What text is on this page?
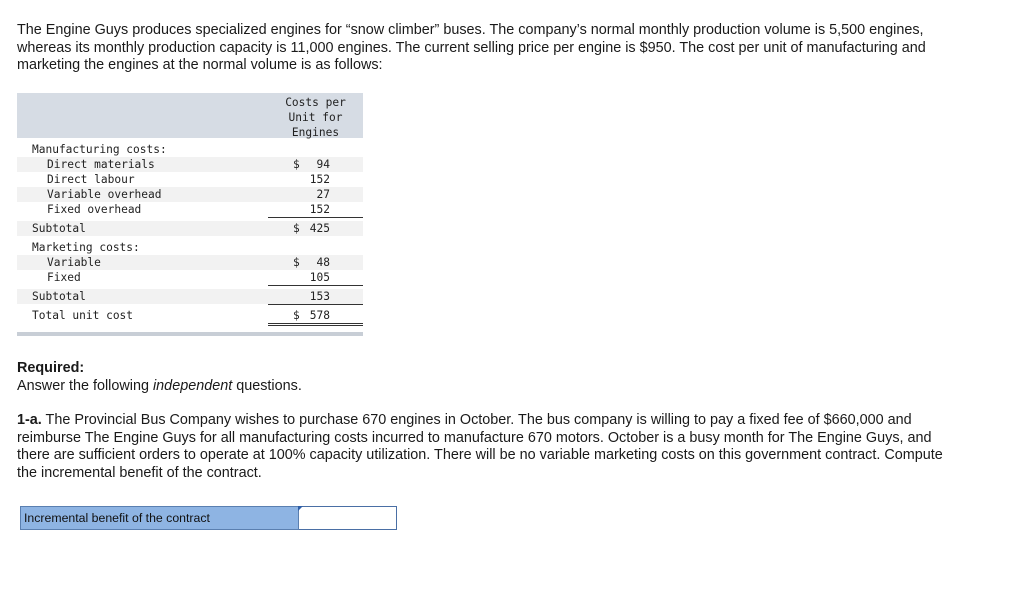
The Engine Guys produces specialized engines for “snow climber” buses. The company’s normal monthly production volume is 5,500 engines, whereas its monthly production capacity is 11,000 engines. The current selling price per engine is $950. The cost per unit of manufacturing and marketing the engines at the normal volume is as follows:
Costs per
Unit for
Engines
Manufacturing costs:
Direct materials	$ 94
Direct labour	152
Variable overhead	27
Fixed overhead	152
Subtotal	$ 425
Marketing costs:
Variable	$ 48
Fixed	105
Subtotal	153
Total unit cost	$ 578
Required:
Answer the following independent questions.
1-a. The Provincial Bus Company wishes to purchase 670 engines in October. The bus company is willing to pay a fixed fee of $660,000 and reimburse The Engine Guys for all manufacturing costs incurred to manufacture 670 motors. October is a busy month for The Engine Guys, and there are sufficient orders to operate at 100% capacity utilization. There will be no variable marketing costs on this government contract. Compute the incremental benefit of the contract.
Incremental benefit of the contract
